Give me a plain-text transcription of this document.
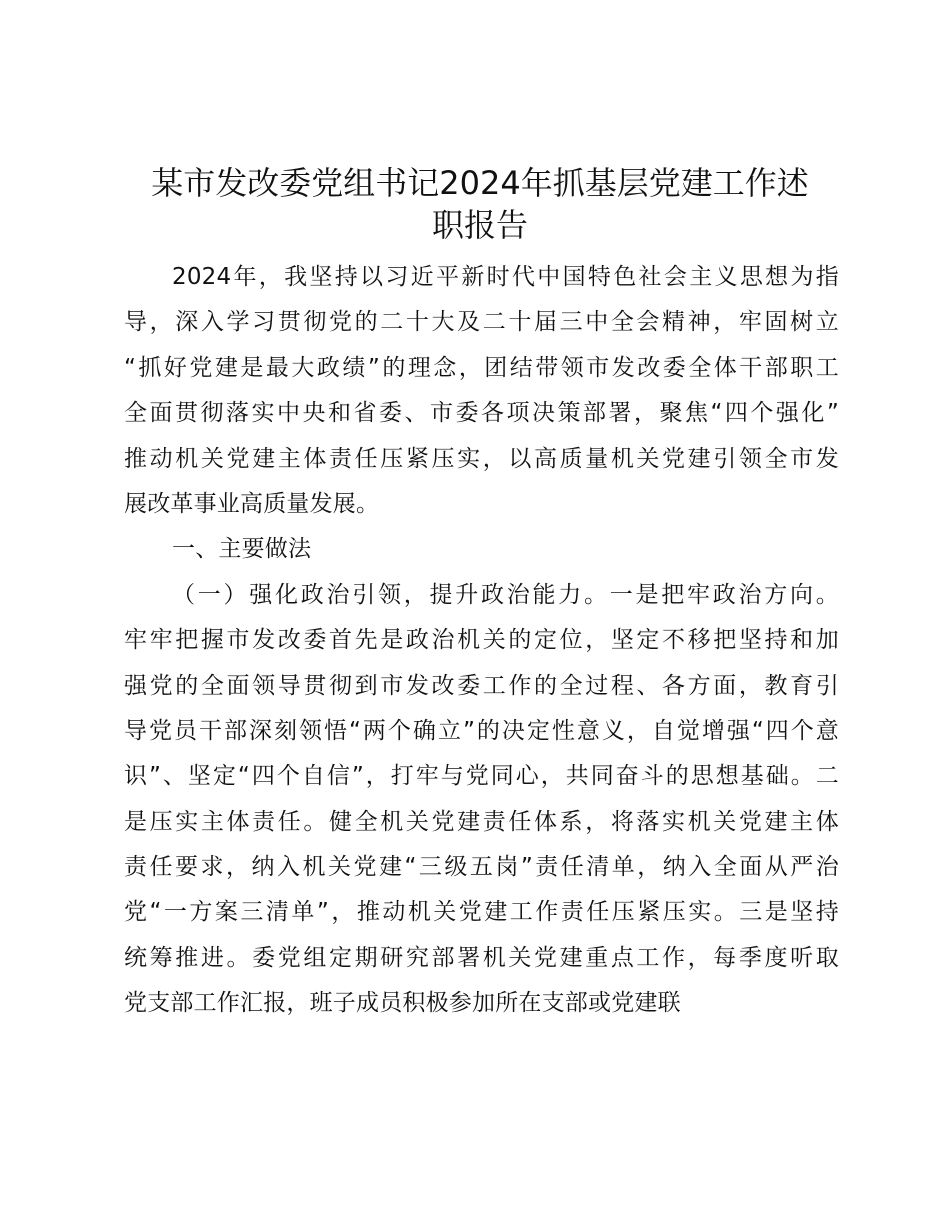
某市发改委党组书记2024年抓基层党建工作述
职报告
2024年，我坚持以习近平新时代中国特色社会主义思想为指
导，深入学习贯彻党的二十大及二十届三中全会精神，牢固树立
“抓好党建是最大政绩”的理念，团结带领市发改委全体干部职工
全面贯彻落实中央和省委、市委各项决策部署，聚焦“四个强化”
推动机关党建主体责任压紧压实，以高质量机关党建引领全市发
展改革事业高质量发展。
一、主要做法
（一）强化政治引领，提升政治能力。一是把牢政治方向。
牢牢把握市发改委首先是政治机关的定位，坚定不移把坚持和加
强党的全面领导贯彻到市发改委工作的全过程、各方面，教育引
导党员干部深刻领悟“两个确立”的决定性意义，自觉增强“四个意
识”、坚定“四个自信”，打牢与党同心，共同奋斗的思想基础。二
是压实主体责任。健全机关党建责任体系，将落实机关党建主体
责任要求，纳入机关党建“三级五岗”责任清单，纳入全面从严治
党“一方案三清单”，推动机关党建工作责任压紧压实。三是坚持
统筹推进。委党组定期研究部署机关党建重点工作，每季度听取
党支部工作汇报，班子成员积极参加所在支部或党建联
